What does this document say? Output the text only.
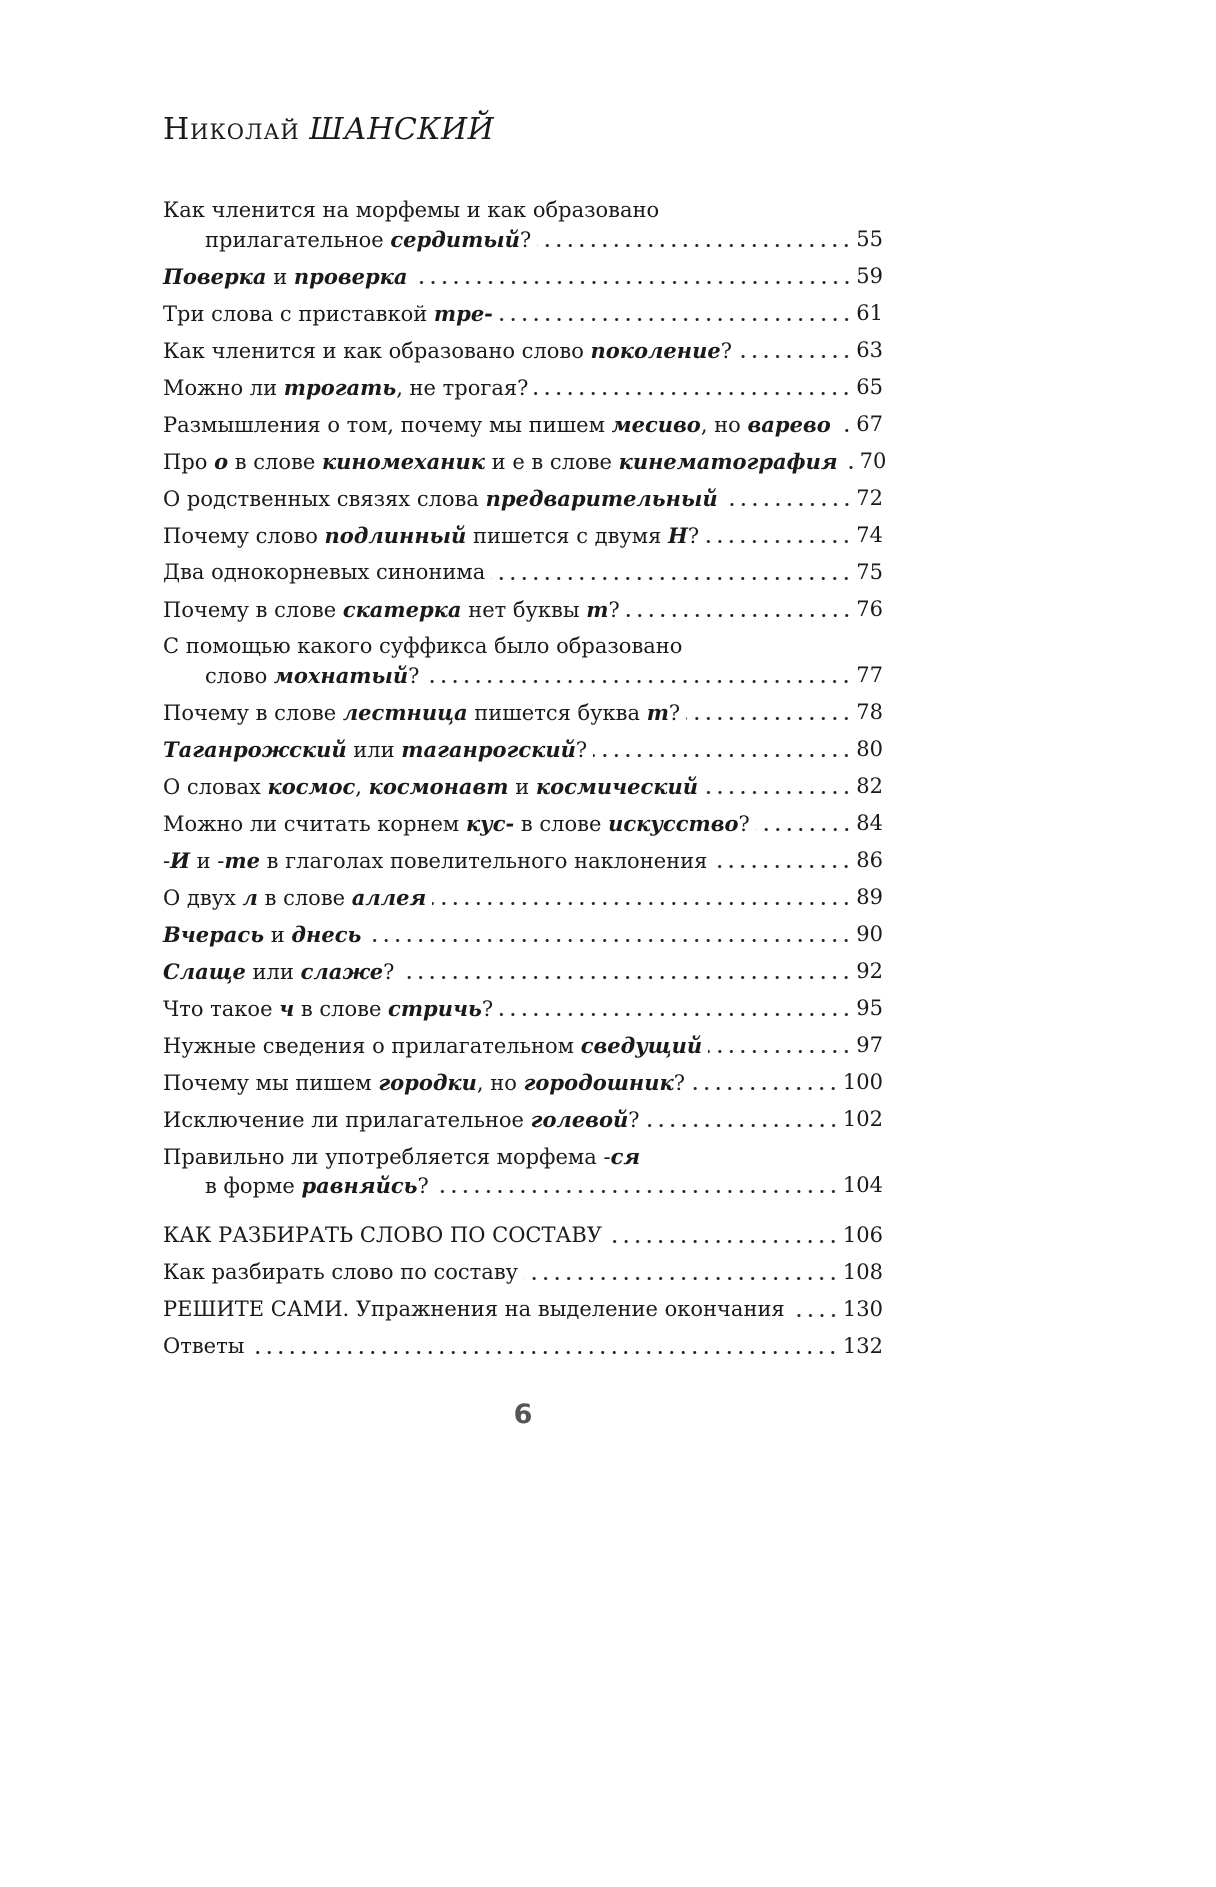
Николай ШАНСКИЙ
Как членится на морфемы и как образовано
прилагательное сердитый?	55
Поверка и проверка	59
Три слова с приставкой тре-	61
Как членится и как образовано слово поколение?	63
Можно ли трогать, не трогая?	65
Размышления о том, почему мы пишем месиво, но варево 67
Про о в слове киномеханик и е в слове кинематография 70
О родственных связях слова предварительный	72
Почему слово подлинный пишется с двумя Н?	74
Два однокорневых синонима	75
Почему в слове скатерка нет буквы т?	76
С помощью какого суффикса было образовано
слово мохнатый?	77
Почему в слове лестница пишется буква т?	78
Таганрожский или таганрогский?	80
О словах космос, космонавт и космический	82
Можно ли считать корнем кус- в слове искусство?	84
-И и -те в глаголах повелительного наклонения	86
О двух л в слове аллея	89
Вчерась и днесь	90
Слаще или слаже?	92
Что такое ч в слове стричь?	95
Нужные сведения о прилагательном сведущий	97
Почему мы пишем городки, но городошник?	100
Исключение ли прилагательное голевой?	102
Правильно ли употребляется морфема -ся
в форме равняйсь?	104
КАК РАЗБИРАТЬ СЛОВО ПО СОСТАВУ	106
Как разбирать слово по составу	108
РЕШИТЕ САМИ. Упражнения на выделение окончания	130
Ответы	132
6
